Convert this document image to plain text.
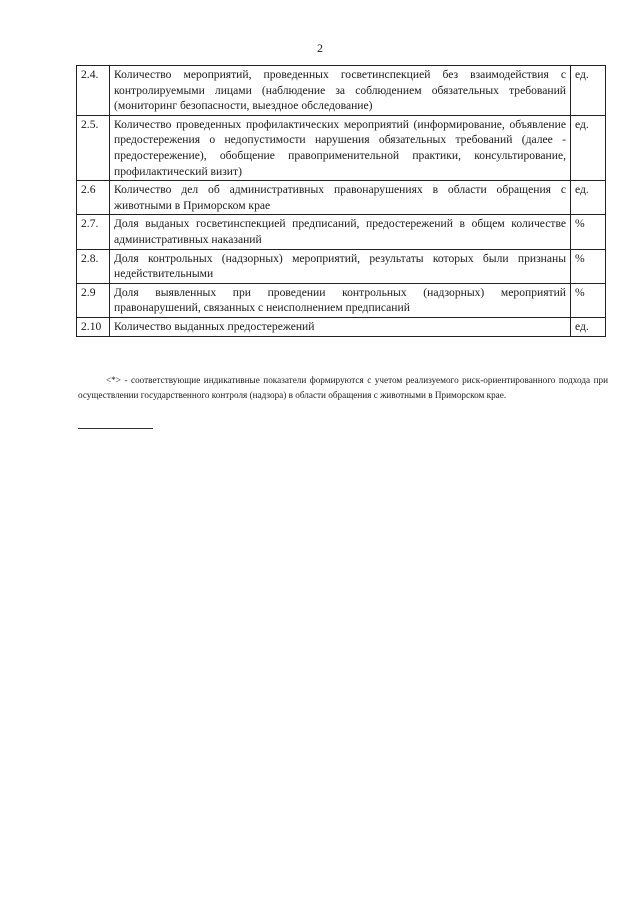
2
2.4.	Количество мероприятий, проведенных госветинспекцией без взаимодействия с контролируемыми лицами (наблюдение за соблюдением обязательных требований (мониторинг безопасности, выездное обследование)	ед.
2.5.	Количество проведенных профилактических мероприятий (информирование, объявление предостережения о недопустимости нарушения обязательных требований (далее - предостережение), обобщение правоприменительной практики, консультирование, профилактический визит)	ед.
2.6	Количество дел об административных правонарушениях в области обращения с животными в Приморском крае	ед.
2.7.	Доля выданых госветинспекцией предписаний, предостережений в общем количестве административных наказаний	%
2.8.	Доля контрольных (надзорных) мероприятий, результаты которых были признаны недействительными	%
2.9	Доля выявленных при проведении контрольных (надзорных) мероприятий правонарушений, связанных с неисполнением предписаний	%
2.10	Количество выданных предостережений	ед.
<*> - соответствующие индикативные показатели формируются с учетом реализуемого риск-ориентированного подхода при осуществлении государственного контроля (надзора) в области обращения с животными в Приморском крае.
